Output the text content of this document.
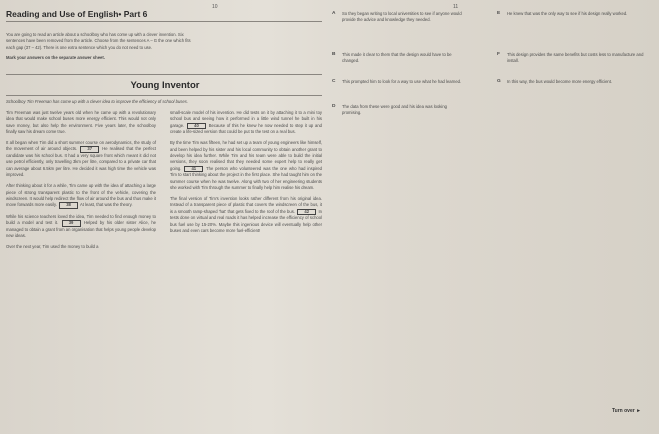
10	11
Reading and Use of English• Part 6
You are going to read an article about a schoolboy who has come up with a clever invention. Six
sentences have been removed from the article. Choose from the sentences A – G the one which fits
each gap (37 – 42). There is one extra sentence which you do not need to use.
Mark your answers on the separate answer sheet.
Young Inventor
Schoolboy Tim Freeman has come up with a clever idea to improve the efficiency of school buses.

Tim Freeman was just twelve years old when he came up with a revolutionary idea that would make school buses more energy efficient. This would not only save money, but also help the environment. Five years later, the schoolboy finally saw his dream come true.

It all began when Tim did a short summer course on aerodynamics, the study of the movement of air around objects. 37 He realised that the perfect candidate was his school bus. It had a very square front which meant it did not use petrol efficiently, only travelling 3km per litre, compared to a private car that can average about 6.5km per litre. He decided it was high time the vehicle was improved.

After thinking about it for a while, Tim came up with the idea of attaching a large piece of strong transparent plastic to the front of the vehicle, covering the windscreen. It would help redirect the flow of air around the bus and thus make it move forwards more easily. 38 At least, that was the theory.

While his science teachers loved the idea, Tim needed to find enough money to build a model and test it.	39	Helped by his older sister Alice, he managed to obtain a grant from an organisation that helps young people develop new ideas.

Over the next year, Tim used the money to build a

small-scale model of his invention. He did tests on it by attaching it to a mini toy school bus and seeing how it performed in a little wind tunnel he built in his garage. 40 Because of this he knew he now needed to step it up and create a life-sized version that could be put to the test on a real bus.

By the time Tim was fifteen, he had set up a team of young engineers like himself, and been helped by his sister and his local community to obtain another grant to develop his idea further. While Tim and his team were able to build the initial versions, they soon realised that they needed some expert help to really get going. 41 The person who volunteered was the one who had inspired Tim to start thinking about the project in the first place. She had taught him on the summer course when he was twelve. Along with two of her engineering students she worked with Tim through the summer to finally help him realise his dream.

The final version of Tim's invention looks rather different from his original idea. Instead of a transparent piece of plastic that covers the windscreen of the bus, it is a smooth ramp-shaped 'hat' that gets fixed to the roof of the bus. 42 In tests done on virtual and real roads it has helped increase the efficiency of school bus fuel use by 15-20%. Maybe this ingenious device will eventually help other buses and even cars become more fuel-efficient!

A	So they began writing to local universities to see if anyone would provide the advice and knowledge they needed.
B	This made it clear to them that the design would have to be changed.
C	This prompted him to look for a way to use what he had learned.
D	The data from these were good and his idea was looking promising.
E	He knew that was the only way to see if his design really worked.
F	This design provides the same benefits but costs less to manufacture and install.
G	In this way, the bus would become more energy efficient.
Turn over ►
